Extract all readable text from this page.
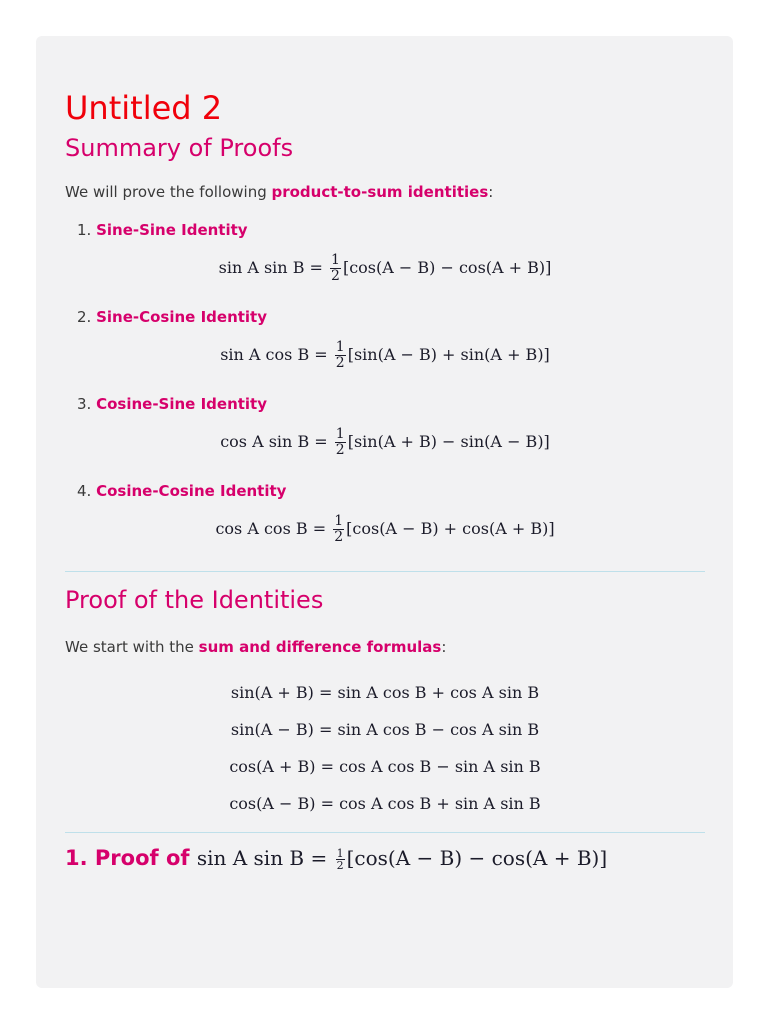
Untitled 2
Summary of Proofs

We will prove the following product-to-sum identities:

1. Sine-Sine Identity
sin A $\sin B = \frac{1}{2} [\cos(A - B) - \cos(A + B)]$
2. Sine-Cosine Identity
sin A $\cos B = \frac{1}{2} [\sin(A - B) + \sin(A + B)]$
3. Cosine-Sine Identity
cos A $\sin B = \frac{1}{2} [\sin(A + B) - \sin(A - B)]$
4. Cosine-Cosine Identity
cos A $\cos B = \frac{1}{2} [\cos(A - B) + \cos(A + B)]$
Proof of the Identities

We start with the sum and difference formulas:

sin(A + B) = sin A cos B + cos A sin B
sin(A − B) = sin A cos B − cos A sin B
cos(A + B) = cos A cos B − sin A sin B
cos(A − B) = cos A cos B + sin A sin B
1. Proof of sin A $\sin B = \frac{1}{2} [\cos(A - B) - \cos(A + B)]$
